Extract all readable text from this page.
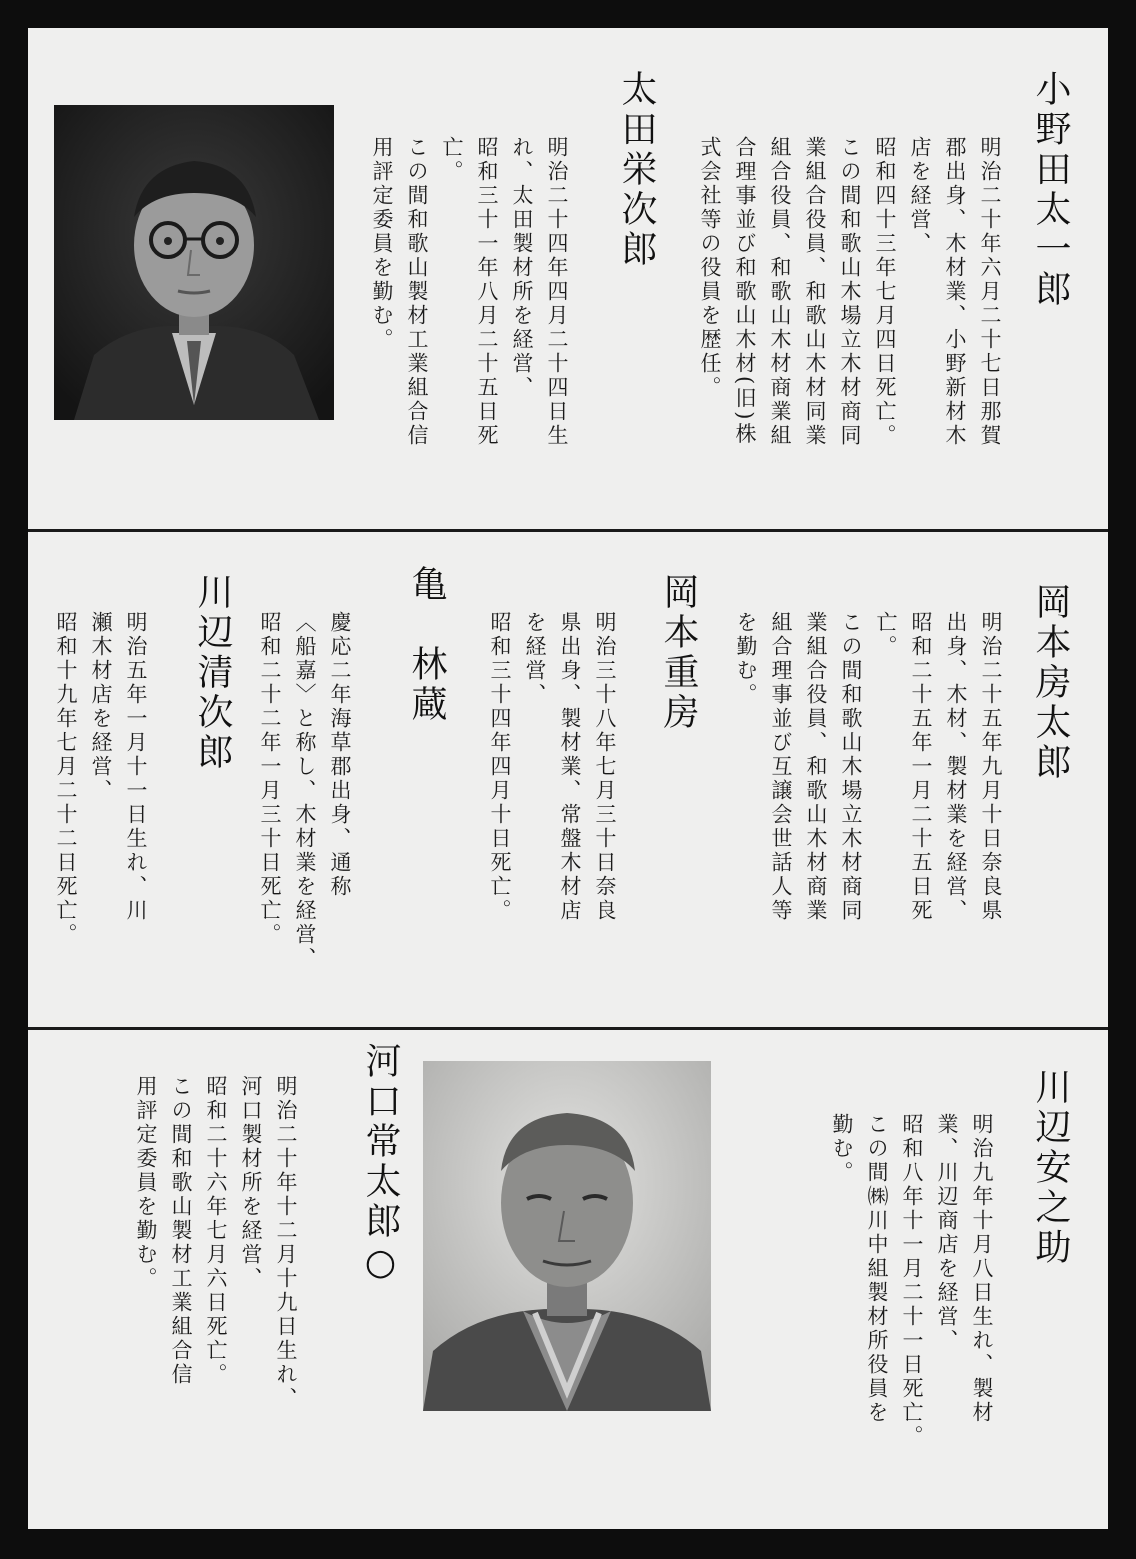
小野田太一郎

明治二十年六月二十七日那賀

郡出身、木材業、小野新材木

店を経営、

昭和四十三年七月四日死亡。

この間和歌山木場立木材商同

業組合役員、和歌山木材同業

組合役員、和歌山木材商業組

合理事並び和歌山木材(旧)株

式会社等の役員を歴任。

太田栄次郎

明治二十四年四月二十四日生

れ、太田製材所を経営、

昭和三十一年八月二十五日死

亡。

この間和歌山製材工業組合信

用評定委員を勤む。

岡本房太郎

明治二十五年九月十日奈良県

出身、木材、製材業を経営、

昭和二十五年一月二十五日死

亡。

この間和歌山木場立木材商同

業組合役員、和歌山木材商業

組合理事並び互譲会世話人等

を勤む。

岡本重房

明治三十八年七月三十日奈良

県出身、製材業、常盤木材店

を経営、

昭和三十四年四月十日死亡。

亀　林蔵

慶応二年海草郡出身、通称

〈船嘉〉と称し、木材業を経営、

昭和二十二年一月三十日死亡。

川辺清次郎

明治五年一月十一日生れ、川

瀬木材店を経営、

昭和十九年七月二十二日死亡。

川辺安之助

明治九年十月八日生れ、製材

業、川辺商店を経営、

昭和八年十一月二十一日死亡。

この間㈱川中組製材所役員を

勤む。

河口常太郎○

明治二十年十二月十九日生れ、

河口製材所を経営、

昭和二十六年七月六日死亡。

この間和歌山製材工業組合信

用評定委員を勤む。
